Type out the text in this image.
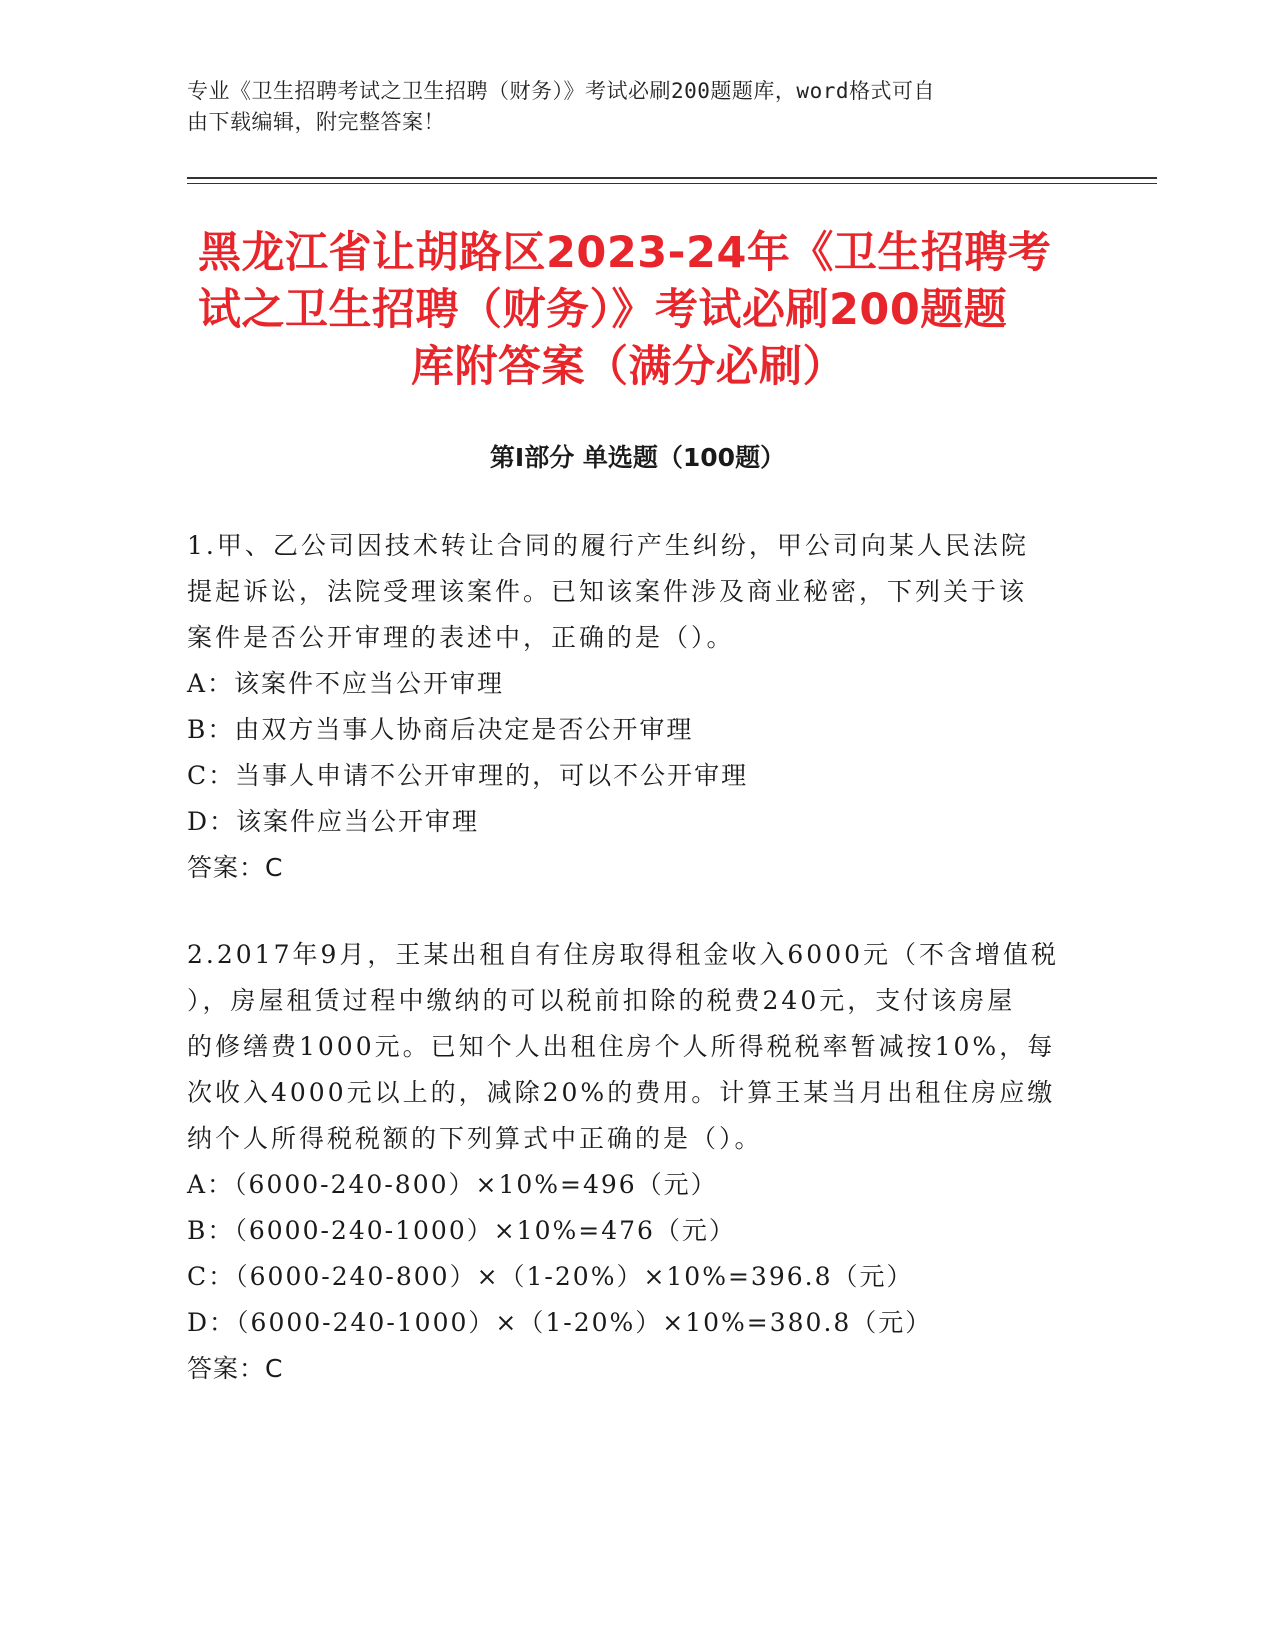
专业《卫生招聘考试之卫生招聘（财务）》考试必刷200题题库，word格式可自
由下载编辑，附完整答案！
黑龙江省让胡路区2023-24年《卫生招聘考
试之卫生招聘（财务）》考试必刷200题题
库附答案（满分必刷）
第Ⅰ部分 单选题（100题）
1.甲、乙公司因技术转让合同的履行产生纠纷，甲公司向某人民法院
提起诉讼，法院受理该案件。已知该案件涉及商业秘密，下列关于该
案件是否公开审理的表述中，正确的是（）。
A：该案件不应当公开审理
B：由双方当事人协商后决定是否公开审理
C：当事人申请不公开审理的，可以不公开审理
D：该案件应当公开审理
答案：C
2.2017年9月，王某出租自有住房取得租金收入6000元（不含增值税
），房屋租赁过程中缴纳的可以税前扣除的税费240元，支付该房屋
的修缮费1000元。已知个人出租住房个人所得税税率暂减按10%，每
次收入4000元以上的，减除20%的费用。计算王某当月出租住房应缴
纳个人所得税税额的下列算式中正确的是（）。
A：（6000-240-800）×10%=496（元）
B：（6000-240-1000）×10%=476（元）
C：（6000-240-800）×（1-20%）×10%=396.8（元）
D：（6000-240-1000）×（1-20%）×10%=380.8（元）
答案：C
